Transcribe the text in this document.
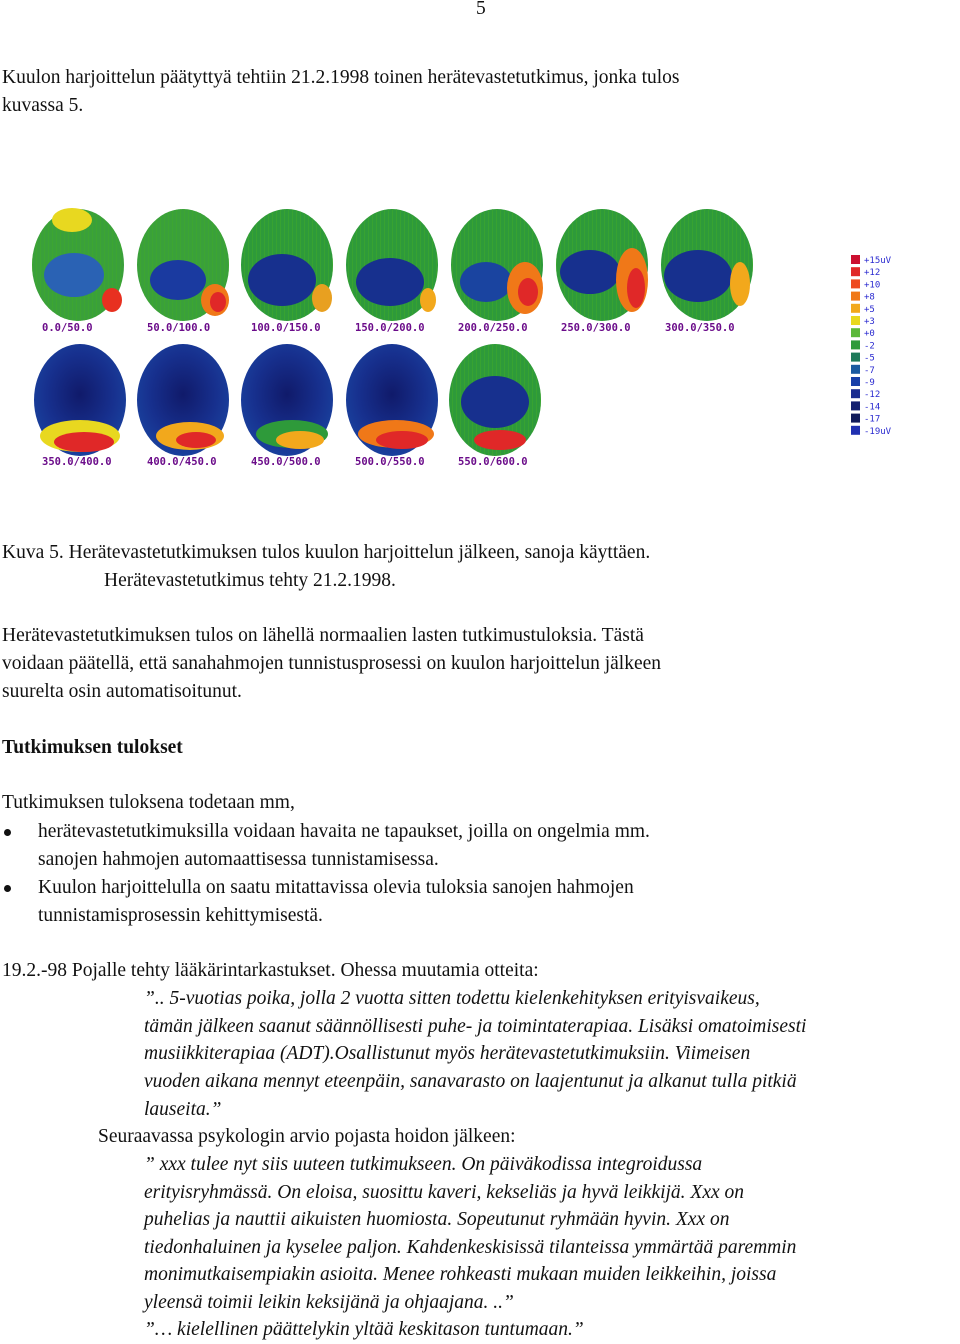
5
Kuulon harjoittelun päätyttyä tehtiin 21.2.1998 toinen herätevastetutkimus, jonka tulos
kuvassa 5.
0.0/50.0	50.0/100.0	100.0/150.0	150.0/200.0	200.0/250.0	250.0/300.0	300.0/350.0
350.0/400.0	400.0/450.0	450.0/500.0	500.0/550.0	550.0/600.0
+15uV
+12
+10
+8
+5
+3
+0
-2
-5
-7
-9
-12
-14
-17
-19uV
Kuva 5. Herätevastetutkimuksen tulos kuulon harjoittelun jälkeen, sanoja käyttäen.
Herätevastetutkimus tehty 21.2.1998.
Herätevastetutkimuksen tulos on lähellä normaalien lasten tutkimustuloksia. Tästä
voidaan päätellä, että sanahahmojen tunnistusprosessi on kuulon harjoittelun jälkeen
suurelta osin automatisoitunut.
Tutkimuksen tulokset
Tutkimuksen tuloksena todetaan mm,
herätevastetutkimuksilla voidaan havaita ne tapaukset, joilla on ongelmia mm.
sanojen hahmojen automaattisessa tunnistamisessa.
Kuulon harjoittelulla on saatu mitattavissa olevia tuloksia sanojen hahmojen
tunnistamisprosessin kehittymisestä.
19.2.-98 Pojalle tehty lääkärintarkastukset. Ohessa muutamia otteita:
”.. 5-vuotias poika, jolla 2 vuotta sitten todettu kielenkehityksen erityisvaikeus,
tämän jälkeen saanut säännöllisesti puhe- ja toimintaterapiaa. Lisäksi omatoimisesti
musiikkiterapiaa (ADT).Osallistunut myös herätevastetutkimuksiin. Viimeisen
vuoden aikana mennyt eteenpäin, sanavarasto on laajentunut ja alkanut tulla pitkiä
lauseita.”
Seuraavassa psykologin arvio pojasta hoidon jälkeen:
” xxx tulee nyt siis uuteen tutkimukseen. On päiväkodissa integroidussa
erityisryhmässä. On eloisa, suosittu kaveri, kekseliäs ja hyvä leikkijä. Xxx on
puhelias ja nauttii aikuisten huomiosta. Sopeutunut ryhmään hyvin. Xxx on
tiedonhaluinen ja kyselee paljon. Kahdenkeskisissä tilanteissa ymmärtää paremmin
monimutkaisempiakin asioita. Menee rohkeasti mukaan muiden leikkeihin, joissa
yleensä toimii leikin keksijänä ja ohjaajana. ..”
”… kielellinen päättelykin yltää keskitason tuntumaan.”
